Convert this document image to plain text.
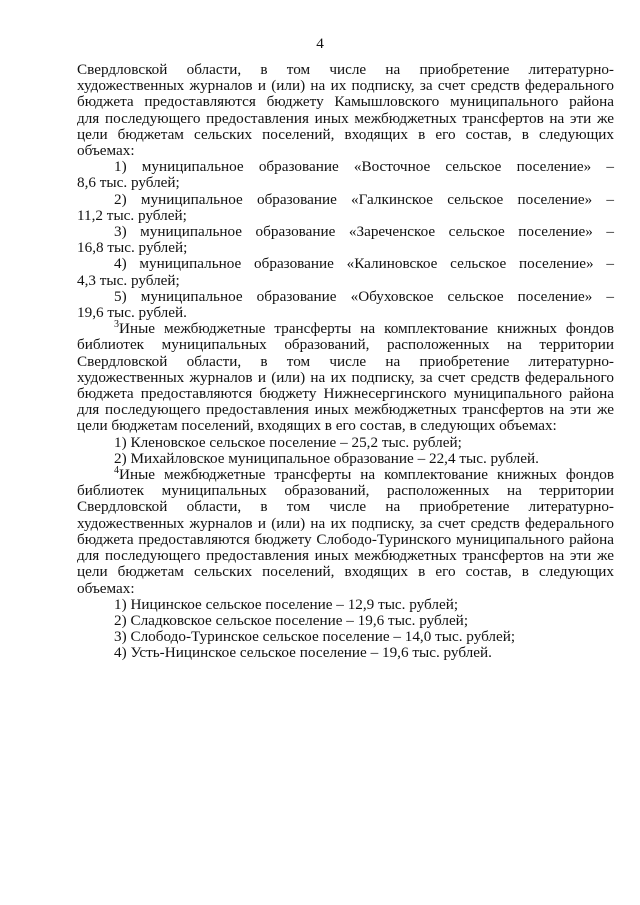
4
Свердловской области, в том числе на приобретение литературно-
художественных журналов и (или) на их подписку, за счет средств федерального
бюджета предоставляются бюджету Камышловского муниципального района
для последующего предоставления иных межбюджетных трансфертов на эти же
цели бюджетам сельских поселений, входящих в его состав, в следующих
объемах:
1) муниципальное образование «Восточное сельское поселение» –
8,6 тыс. рублей;
2) муниципальное образование «Галкинское сельское поселение» –
11,2 тыс. рублей;
3) муниципальное образование «Зареченское сельское поселение» –
16,8 тыс. рублей;
4) муниципальное образование «Калиновское сельское поселение» –
4,3 тыс. рублей;
5) муниципальное образование «Обуховское сельское поселение» –
19,6 тыс. рублей.
$^3$Иные межбюджетные трансферты на комплектование книжных фондов
библиотек муниципальных образований, расположенных на территории
Свердловской области, в том числе на приобретение литературно-
художественных журналов и (или) на их подписку, за счет средств федерального
бюджета предоставляются бюджету Нижнесергинского муниципального района
для последующего предоставления иных межбюджетных трансфертов на эти же
цели бюджетам поселений, входящих в его состав, в следующих объемах:
1) Кленовское сельское поселение – 25,2 тыс. рублей;
2) Михайловское муниципальное образование – 22,4 тыс. рублей.
$^4$Иные межбюджетные трансферты на комплектование книжных фондов
библиотек муниципальных образований, расположенных на территории
Свердловской области, в том числе на приобретение литературно-
художественных журналов и (или) на их подписку, за счет средств федерального
бюджета предоставляются бюджету Слободо-Туринского муниципального района
для последующего предоставления иных межбюджетных трансфертов на эти же
цели бюджетам сельских поселений, входящих в его состав, в следующих
объемах:
1) Ницинское сельское поселение – 12,9 тыс. рублей;
2) Сладковское сельское поселение – 19,6 тыс. рублей;
3) Слободо-Туринское сельское поселение – 14,0 тыс. рублей;
4) Усть-Ницинское сельское поселение – 19,6 тыс. рублей.
